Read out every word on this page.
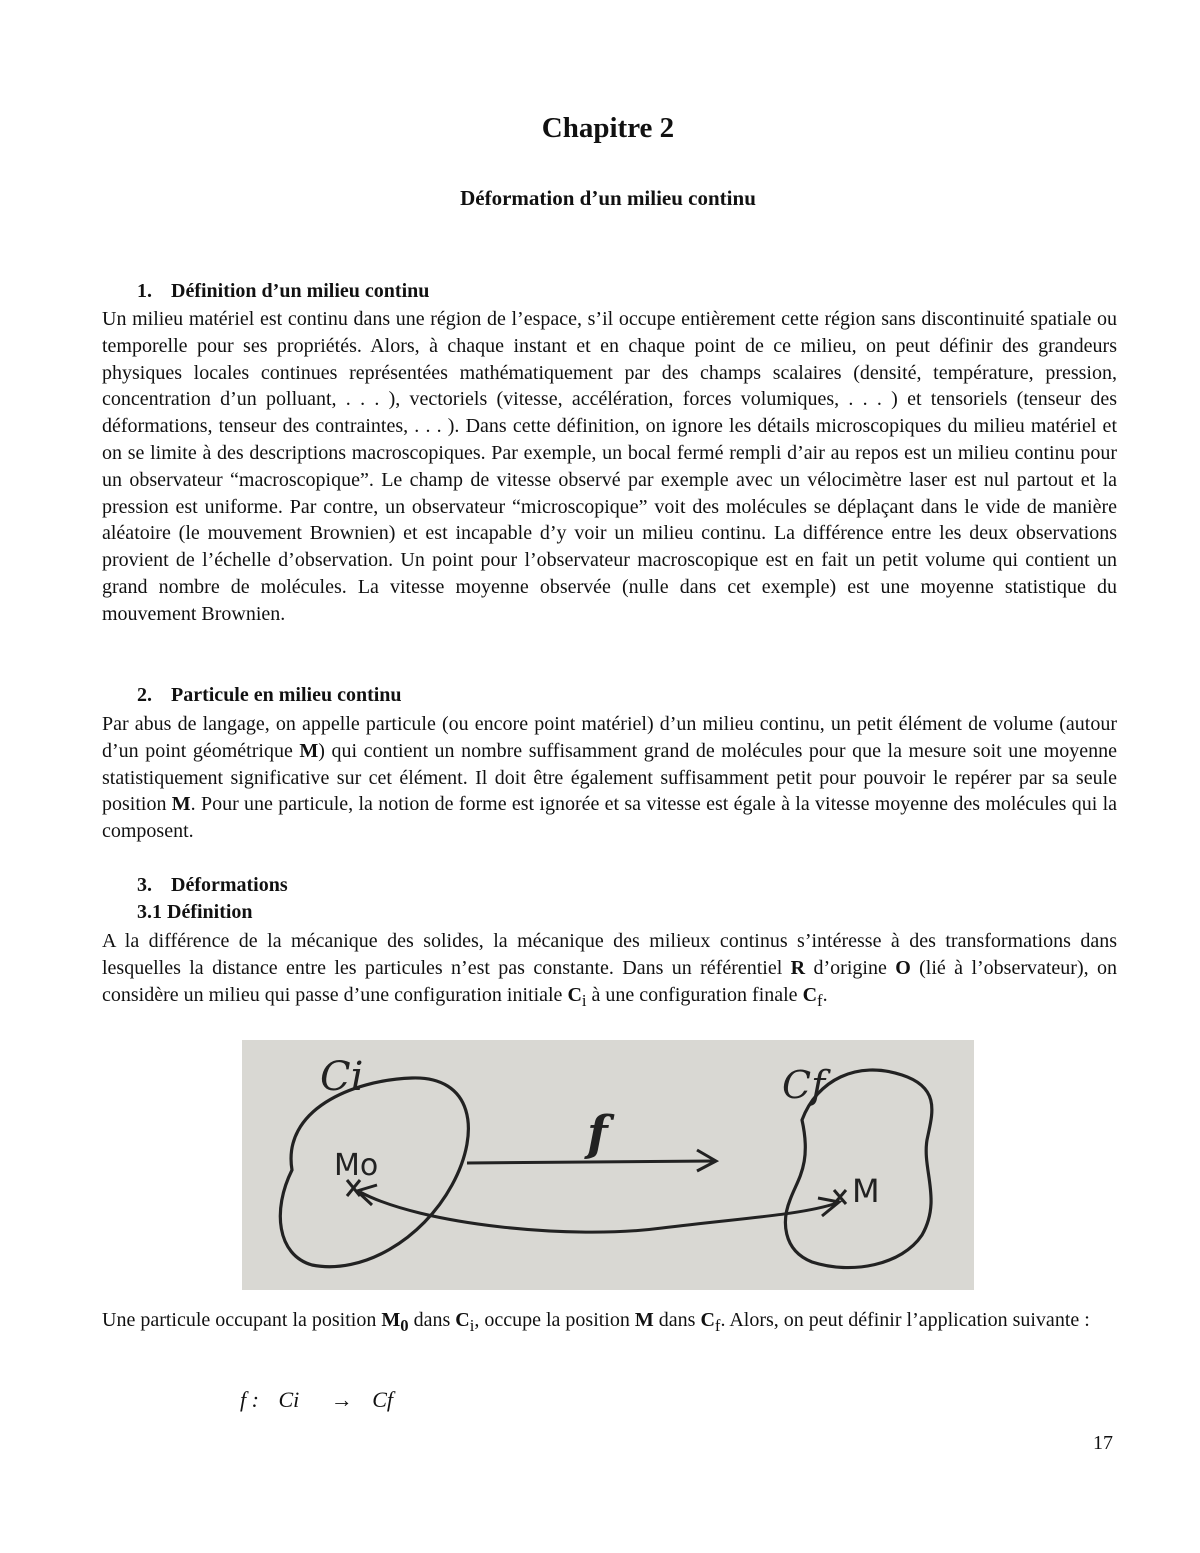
Chapitre 2
Déformation d’un milieu continu
1. Définition d’un milieu continu

Un milieu matériel est continu dans une région de l’espace, s’il occupe entièrement cette région sans discontinuité spatiale ou temporelle pour ses propriétés. Alors, à chaque instant et en chaque point de ce milieu, on peut définir des grandeurs physiques locales continues représentées mathématiquement par des champs scalaires (densité, température, pression, concentration d’un polluant, . . . ), vectoriels (vitesse, accélération, forces volumiques, . . . ) et tensoriels (tenseur des déformations, tenseur des contraintes, . . . ). Dans cette définition, on ignore les détails microscopiques du milieu matériel et on se limite à des descriptions macroscopiques. Par exemple, un bocal fermé rempli d’air au repos est un milieu continu pour un observateur “macroscopique”. Le champ de vitesse observé par exemple avec un vélocimètre laser est nul partout et la pression est uniforme. Par contre, un observateur “microscopique” voit des molécules se déplaçant dans le vide de manière aléatoire (le mouvement Brownien) et est incapable d’y voir un milieu continu. La différence entre les deux observations provient de l’échelle d’observation. Un point pour l’observateur macroscopique est en fait un petit volume qui contient un grand nombre de molécules. La vitesse moyenne observée (nulle dans cet exemple) est une moyenne statistique du mouvement Brownien.

2. Particule en milieu continu

Par abus de langage, on appelle particule (ou encore point matériel) d’un milieu continu, un petit élément de volume (autour d’un point géométrique M) qui contient un nombre suffisamment grand de molécules pour que la mesure soit une moyenne statistiquement significative sur cet élément. Il doit être également suffisamment petit pour pouvoir le repérer par sa seule position M. Pour une particule, la notion de forme est ignorée et sa vitesse est égale à la vitesse moyenne des molécules qui la composent.

3. Déformations
3.1 Définition

A la différence de la mécanique des solides, la mécanique des milieux continus s’intéresse à des transformations dans lesquelles la distance entre les particules n’est pas constante. Dans un référentiel R d’origine O (lié à l’observateur), on considère un milieu qui passe d’une configuration initiale $C_i$ à une configuration finale $C_f$.

Ci	Cf
f
Mo
M

Une particule occupant la position $M_0$ dans $C_i$, occupe la position M dans $C_f$. Alors, on peut définir l’application suivante :

f : Ci → Cf
17
